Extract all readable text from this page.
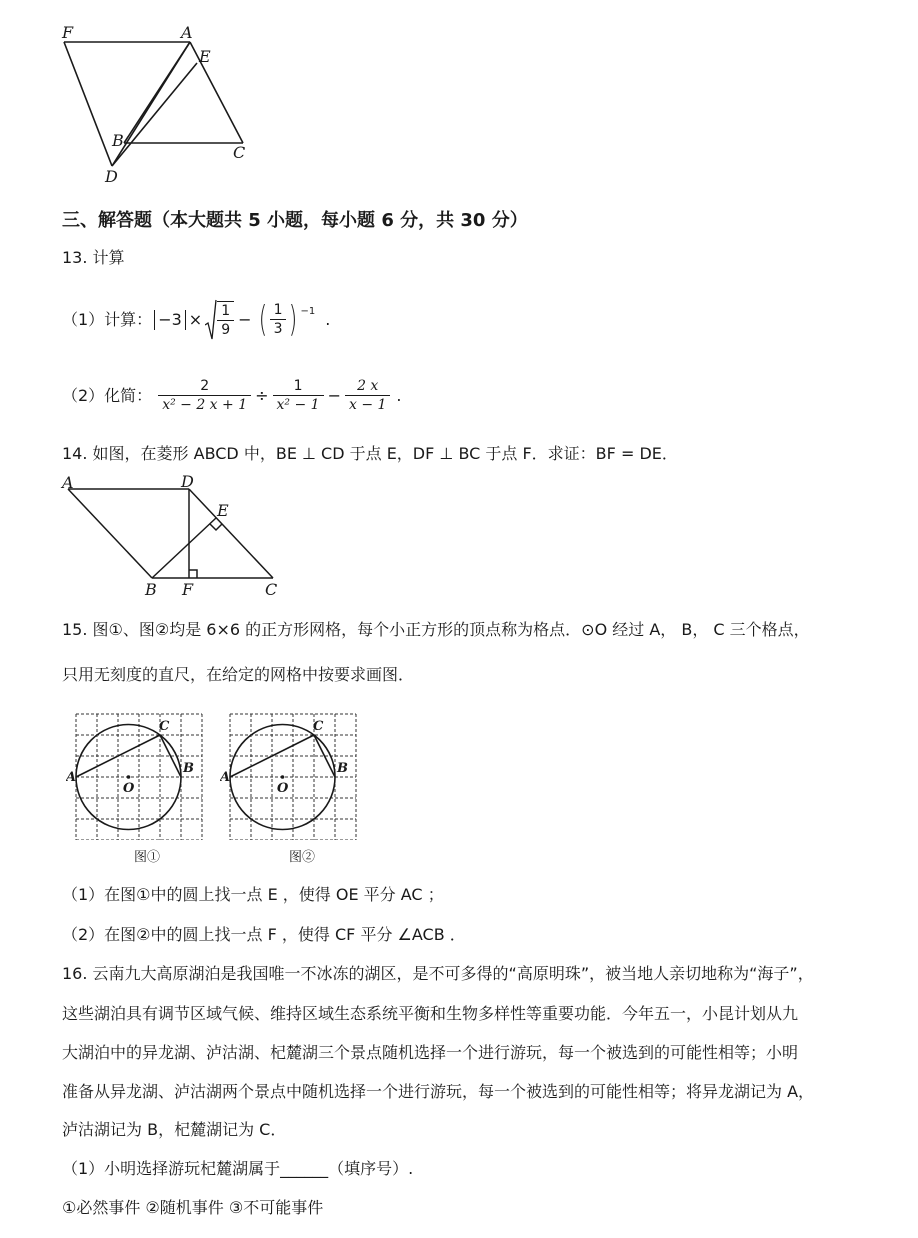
F	A
E
B
C
D
三、解答题（本大题共 5 小题，每小题 6 分，共 30 分）
13. 计算
（1）计算： $-3 \times \frac{1}{9}$ − ( $\frac{1}{3}$ ) −1 .
（2）化简： $\frac{2}{\text{x² − 2 x + 1}} \div \frac{1}{\text{x² − 1}} - \frac{2 x}{x - 1}$ .
14. 如图，在菱形 ABCD 中，BE ⊥ CD 于点 E，DF ⊥ BC 于点 F．求证：BF = DE．
A	D
E
B F	C
15. 图①、图②均是 6×6 的正方形网格，每个小正方形的顶点称为格点．⊙O 经过 A， B， C 三个格点，
只用无刻度的直尺，在给定的网格中按要求画图．
A
C
B
O
图①
A
C
B
O
图②
（1）在图①中的圆上找一点 E ，使得 OE 平分 AC ；
（2）在图②中的圆上找一点 F ，使得 CF 平分 ∠ACB ．
16. 云南九大高原湖泊是我国唯一不冰冻的湖区，是不可多得的“高原明珠”，被当地人亲切地称为“海子”，
这些湖泊具有调节区域气候、维持区域生态系统平衡和生物多样性等重要功能．今年五一，小昆计划从九
大湖泊中的异龙湖、泸沽湖、杞麓湖三个景点随机选择一个进行游玩，每一个被选到的可能性相等；小明
准备从异龙湖、泸沽湖两个景点中随机选择一个进行游玩，每一个被选到的可能性相等；将异龙湖记为 A，
泸沽湖记为 B，杞麓湖记为 C．
（1）小明选择游玩杞麓湖属于______（填序号）.
①必然事件 ②随机事件 ③不可能事件
